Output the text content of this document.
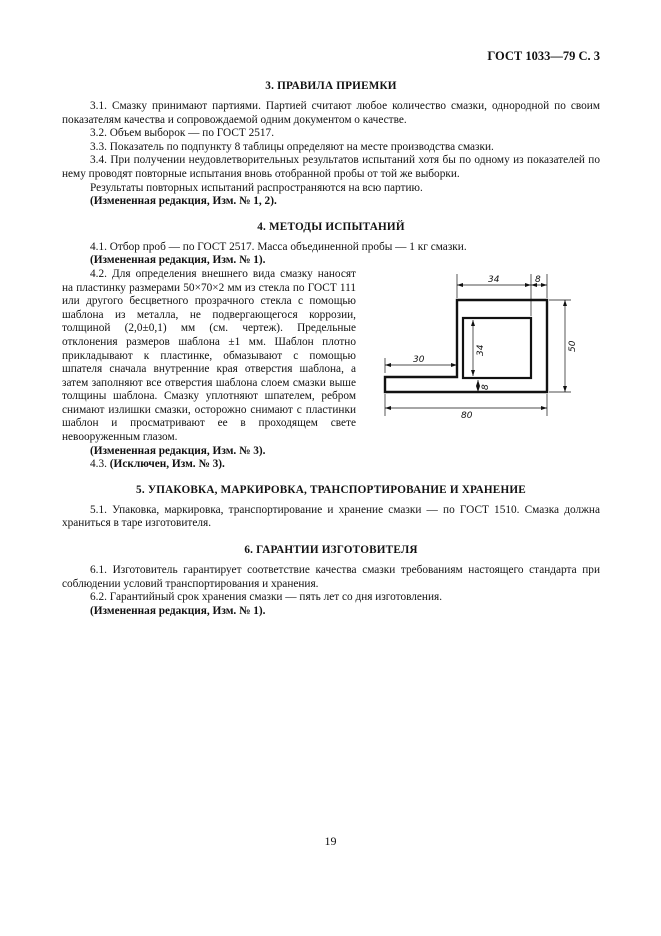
ГОСТ 1033—79 С. 3
3. ПРАВИЛА ПРИЕМКИ

3.1. Смазку принимают партиями. Партией считают любое количество смазки, однородной по своим показателям качества и сопровождаемой одним документом о качестве.

3.2. Объем выборок — по ГОСТ 2517.

3.3. Показатель по подпункту 8 таблицы определяют на месте производства смазки.

3.4. При получении неудовлетворительных результатов испытаний хотя бы по одному из показателей по нему проводят повторные испытания вновь отобранной пробы от той же выборки.

Результаты повторных испытаний распространяются на всю партию.

(Измененная редакция, Изм. № 1, 2).

4. МЕТОДЫ ИСПЫТАНИЙ

4.1. Отбор проб — по ГОСТ 2517. Масса объединенной пробы — 1 кг смазки.

(Измененная редакция, Изм. № 1).

4.2. Для определения внешнего вида смазку наносят на пластинку размерами 50×70×2 мм из стекла по ГОСТ 111 или другого бесцветного прозрачного стекла с помощью шаблона из металла, не подвергающегося коррозии, толщиной (2,0±0,1) мм (см. чертеж). Предельные отклонения размеров шаблона ±1 мм. Шаблон плотно прикладывают к пластинке, обмазывают с помощью шпателя сначала внутренние края отверстия шаблона, а затем заполняют все отверстия шаблона слоем смазки выше толщины шаблона. Смазку уплотняют шпателем, ребром снимают излишки смазки, осторожно снимают с пластинки шаблон и просматривают ее в проходящем свете невооруженным глазом.

34	8
50
34
30
8
80

(Измененная редакция, Изм. № 3).

4.3. (Исключен, Изм. № 3).

5. УПАКОВКА, МАРКИРОВКА, ТРАНСПОРТИРОВАНИЕ И ХРАНЕНИЕ

5.1. Упаковка, маркировка, транспортирование и хранение смазки — по ГОСТ 1510. Смазка должна храниться в таре изготовителя.

6. ГАРАНТИИ ИЗГОТОВИТЕЛЯ

6.1. Изготовитель гарантирует соответствие качества смазки требованиям настоящего стандарта при соблюдении условий транспортирования и хранения.

6.2. Гарантийный срок хранения смазки — пять лет со дня изготовления.

(Измененная редакция, Изм. № 1).

19
